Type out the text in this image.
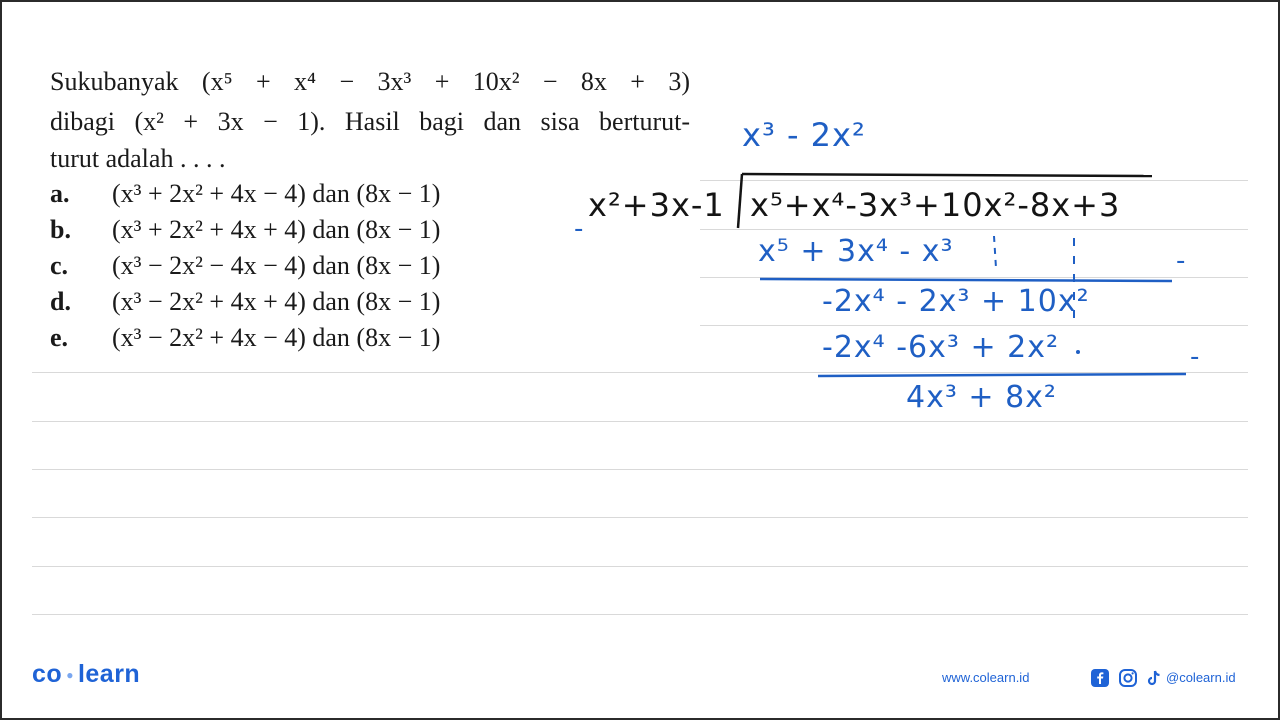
Sukubanyak (x⁵ + x⁴ − 3x³ + 10x² − 8x + 3)
dibagi (x² + 3x − 1). Hasil bagi dan sisa berturut-
turut adalah . . . .
a. (x³ + 2x² + 4x − 4) dan (8x − 1)
b. (x³ + 2x² + 4x + 4) dan (8x − 1)
c. (x³ − 2x² − 4x − 4) dan (8x − 1)
d. (x³ − 2x² + 4x + 4) dan (8x − 1)
e. (x³ − 2x² + 4x − 4) dan (8x − 1)
x³ - 2x²
x²+3x-1 x⁵+x⁴-3x³+10x²-8x+3
x⁵ + 3x⁴ - x³
-2x⁴ - 2x³ + 10x²
-2x⁴ -6x³ + 2x²
4x³ + 8x²
-
-
-
co ● learn	www.colearn.id	@colearn.id
